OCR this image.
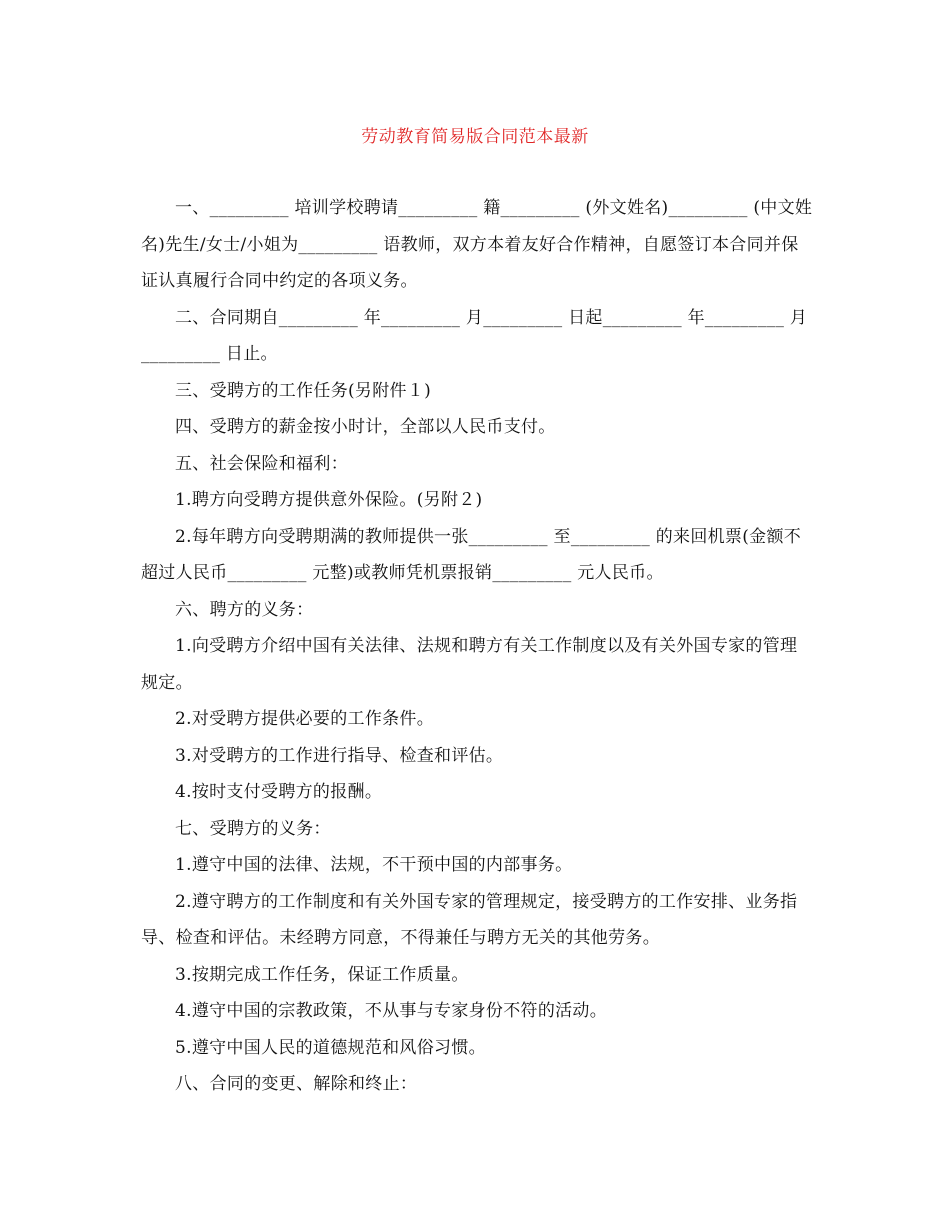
劳动教育简易版合同范本最新

一、_________ 培训学校聘请_________ 籍_________ (外文姓名)_________ (中文姓名)先生/女士/小姐为_________ 语教师，双方本着友好合作精神，自愿签订本合同并保证认真履行合同中约定的各项义务。

二、合同期自_________ 年_________ 月_________ 日起_________ 年_________ 月_________ 日止。

三、受聘方的工作任务(另附件１)

四、受聘方的薪金按小时计，全部以人民币支付。

五、社会保险和福利：

1.聘方向受聘方提供意外保险。(另附２)

2.每年聘方向受聘期满的教师提供一张_________ 至_________ 的来回机票(金额不超过人民币_________ 元整)或教师凭机票报销_________ 元人民币。

六、聘方的义务：

1.向受聘方介绍中国有关法律、法规和聘方有关工作制度以及有关外国专家的管理规定。

2.对受聘方提供必要的工作条件。

3.对受聘方的工作进行指导、检查和评估。

4.按时支付受聘方的报酬。

七、受聘方的义务：

1.遵守中国的法律、法规，不干预中国的内部事务。

2.遵守聘方的工作制度和有关外国专家的管理规定，接受聘方的工作安排、业务指导、检查和评估。未经聘方同意，不得兼任与聘方无关的其他劳务。

3.按期完成工作任务，保证工作质量。

4.遵守中国的宗教政策，不从事与专家身份不符的活动。

5.遵守中国人民的道德规范和风俗习惯。

八、合同的变更、解除和终止：
